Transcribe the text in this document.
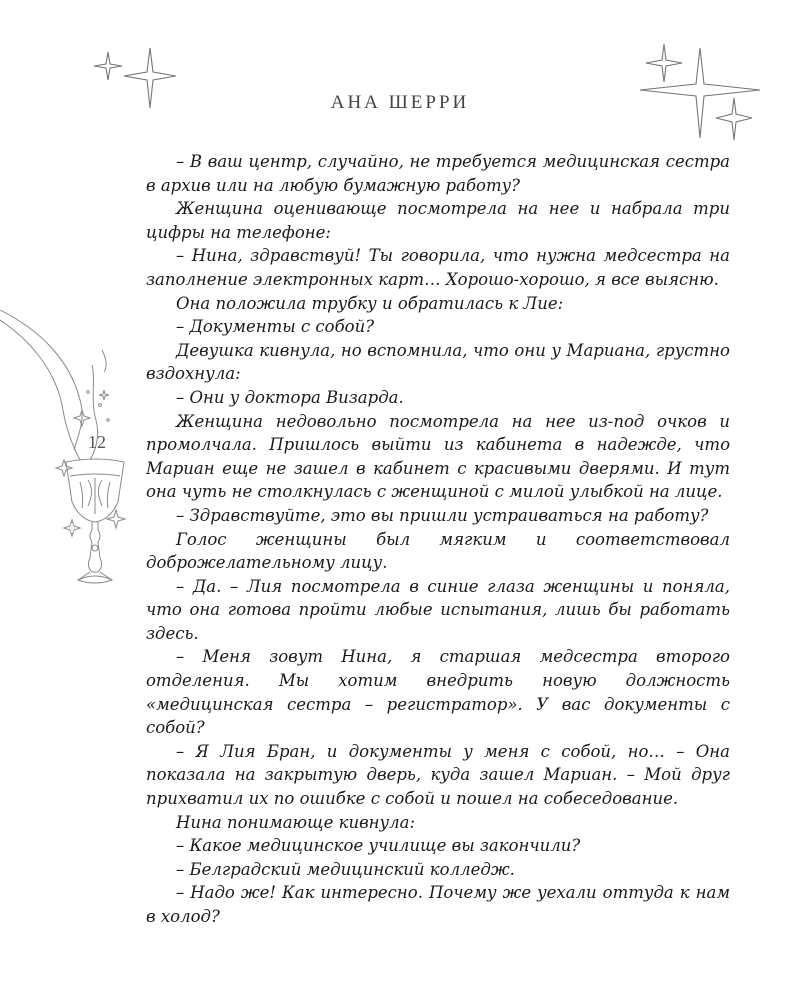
АНА ШЕРРИ
12

– В ваш центр, случайно, не требуется медицинская сестра в архив или на любую бумажную работу?

Женщина оценивающе посмотрела на нее и набрала три цифры на телефоне:

– Нина, здравствуй! Ты говорила, что нужна медсестра на заполнение электронных карт… Хорошо-хорошо, я все выясню.

Она положила трубку и обратилась к Лие:

– Документы с собой?

Девушка кивнула, но вспомнила, что они у Мариана, грустно вздохнула:

– Они у доктора Визарда.

Женщина недовольно посмотрела на нее из-под очков и промолчала. Пришлось выйти из кабинета в надежде, что Мариан еще не зашел в кабинет с красивыми дверями. И тут она чуть не столкнулась с женщиной с милой улыбкой на лице.

– Здравствуйте, это вы пришли устраиваться на работу?

Голос женщины был мягким и соответствовал доброжелательному лицу.

– Да. – Лия посмотрела в синие глаза женщины и поняла, что она готова пройти любые испытания, лишь бы работать здесь.

– Меня зовут Нина, я старшая медсестра второго отделения. Мы хотим внедрить новую должность «медицинская сестра – регистратор». У вас документы с собой?

– Я Лия Бран, и документы у меня с собой, но… – Она показала на закрытую дверь, куда зашел Мариан. – Мой друг прихватил их по ошибке с собой и пошел на собеседование.

Нина понимающе кивнула:

– Какое медицинское училище вы закончили?

– Белградский медицинский колледж.

– Надо же! Как интересно. Почему же уехали оттуда к нам в холод?
